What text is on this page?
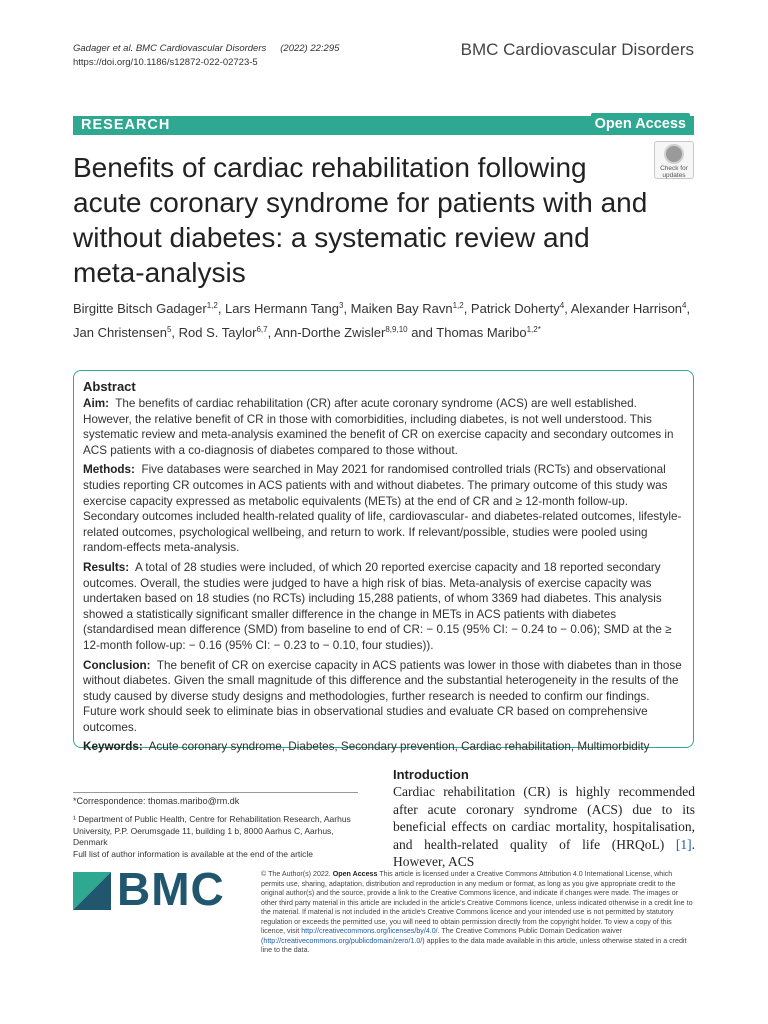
Gadager et al. BMC Cardiovascular Disorders (2022) 22:295
https://doi.org/10.1186/s12872-022-02723-5
BMC Cardiovascular Disorders
RESEARCH	Open Access
Check for
updates
Benefits of cardiac rehabilitation following acute coronary syndrome for patients with and without diabetes: a systematic review and meta-analysis
Birgitte Bitsch Gadager$^{1,2}$, Lars Hermann Tang$^3$, Maiken Bay Ravn$^{1,2}$, Patrick Doherty$^4$, Alexander Harrison$^4$, Jan Christensen$^5$, Rod S. Taylor$^{6,7}$, Ann-Dorthe Zwisler$^{8,9,10}$ and Thomas Maribo$^{1,2*}$
Abstract

Aim: The benefits of cardiac rehabilitation (CR) after acute coronary syndrome (ACS) are well established. However, the relative benefit of CR in those with comorbidities, including diabetes, is not well understood. This systematic review and meta-analysis examined the benefit of CR on exercise capacity and secondary outcomes in ACS patients with a co-diagnosis of diabetes compared to those without.

Methods: Five databases were searched in May 2021 for randomised controlled trials (RCTs) and observational studies reporting CR outcomes in ACS patients with and without diabetes. The primary outcome of this study was exercise capacity expressed as metabolic equivalents (METs) at the end of CR and ≥ 12-month follow-up. Secondary outcomes included health-related quality of life, cardiovascular- and diabetes-related outcomes, lifestyle-related outcomes, psychological wellbeing, and return to work. If relevant/possible, studies were pooled using random-effects meta-analysis.

Results: A total of 28 studies were included, of which 20 reported exercise capacity and 18 reported secondary outcomes. Overall, the studies were judged to have a high risk of bias. Meta-analysis of exercise capacity was undertaken based on 18 studies (no RCTs) including 15,288 patients, of whom 3369 had diabetes. This analysis showed a statistically significant smaller difference in the change in METs in ACS patients with diabetes (standardised mean difference (SMD) from baseline to end of CR: − 0.15 (95% CI: − 0.24 to − 0.06); SMD at the ≥ 12-month follow-up: − 0.16 (95% CI: − 0.23 to − 0.10, four studies)).

Conclusion: The benefit of CR on exercise capacity in ACS patients was lower in those with diabetes than in those without diabetes. Given the small magnitude of this difference and the substantial heterogeneity in the results of the study caused by diverse study designs and methodologies, further research is needed to confirm our findings. Future work should seek to eliminate bias in observational studies and evaluate CR based on comprehensive outcomes.

Keywords: Acute coronary syndrome, Diabetes, Secondary prevention, Cardiac rehabilitation, Multimorbidity

*Correspondence: thomas.maribo@rm.dk
¹ Department of Public Health, Centre for Rehabilitation Research, Aarhus University, P.P. Oerumsgade 11, building 1 b, 8000 Aarhus C, Aarhus, Denmark
Full list of author information is available at the end of the article
Introduction
Cardiac rehabilitation (CR) is highly recommended after acute coronary syndrome (ACS) due to its beneficial effects on cardiac mortality, hospitalisation, and health-related quality of life (HRQoL) [1]. However, ACS
BMC	© The Author(s) 2022. Open Access This article is licensed under a Creative Commons Attribution 4.0 International License, which permits use, sharing, adaptation, distribution and reproduction in any medium or format, as long as you give appropriate credit to the original author(s) and the source, provide a link to the Creative Commons licence, and indicate if changes were made. The images or other third party material in this article are included in the article's Creative Commons licence, unless indicated otherwise in a credit line to the material. If material is not included in the article's Creative Commons licence and your intended use is not permitted by statutory regulation or exceeds the permitted use, you will need to obtain permission directly from the copyright holder. To view a copy of this licence, visit http://creativecommons.org/licenses/by/4.0/. The Creative Commons Public Domain Dedication waiver (http://creativecommons.org/publicdomain/zero/1.0/) applies to the data made available in this article, unless otherwise stated in a credit line to the data.
